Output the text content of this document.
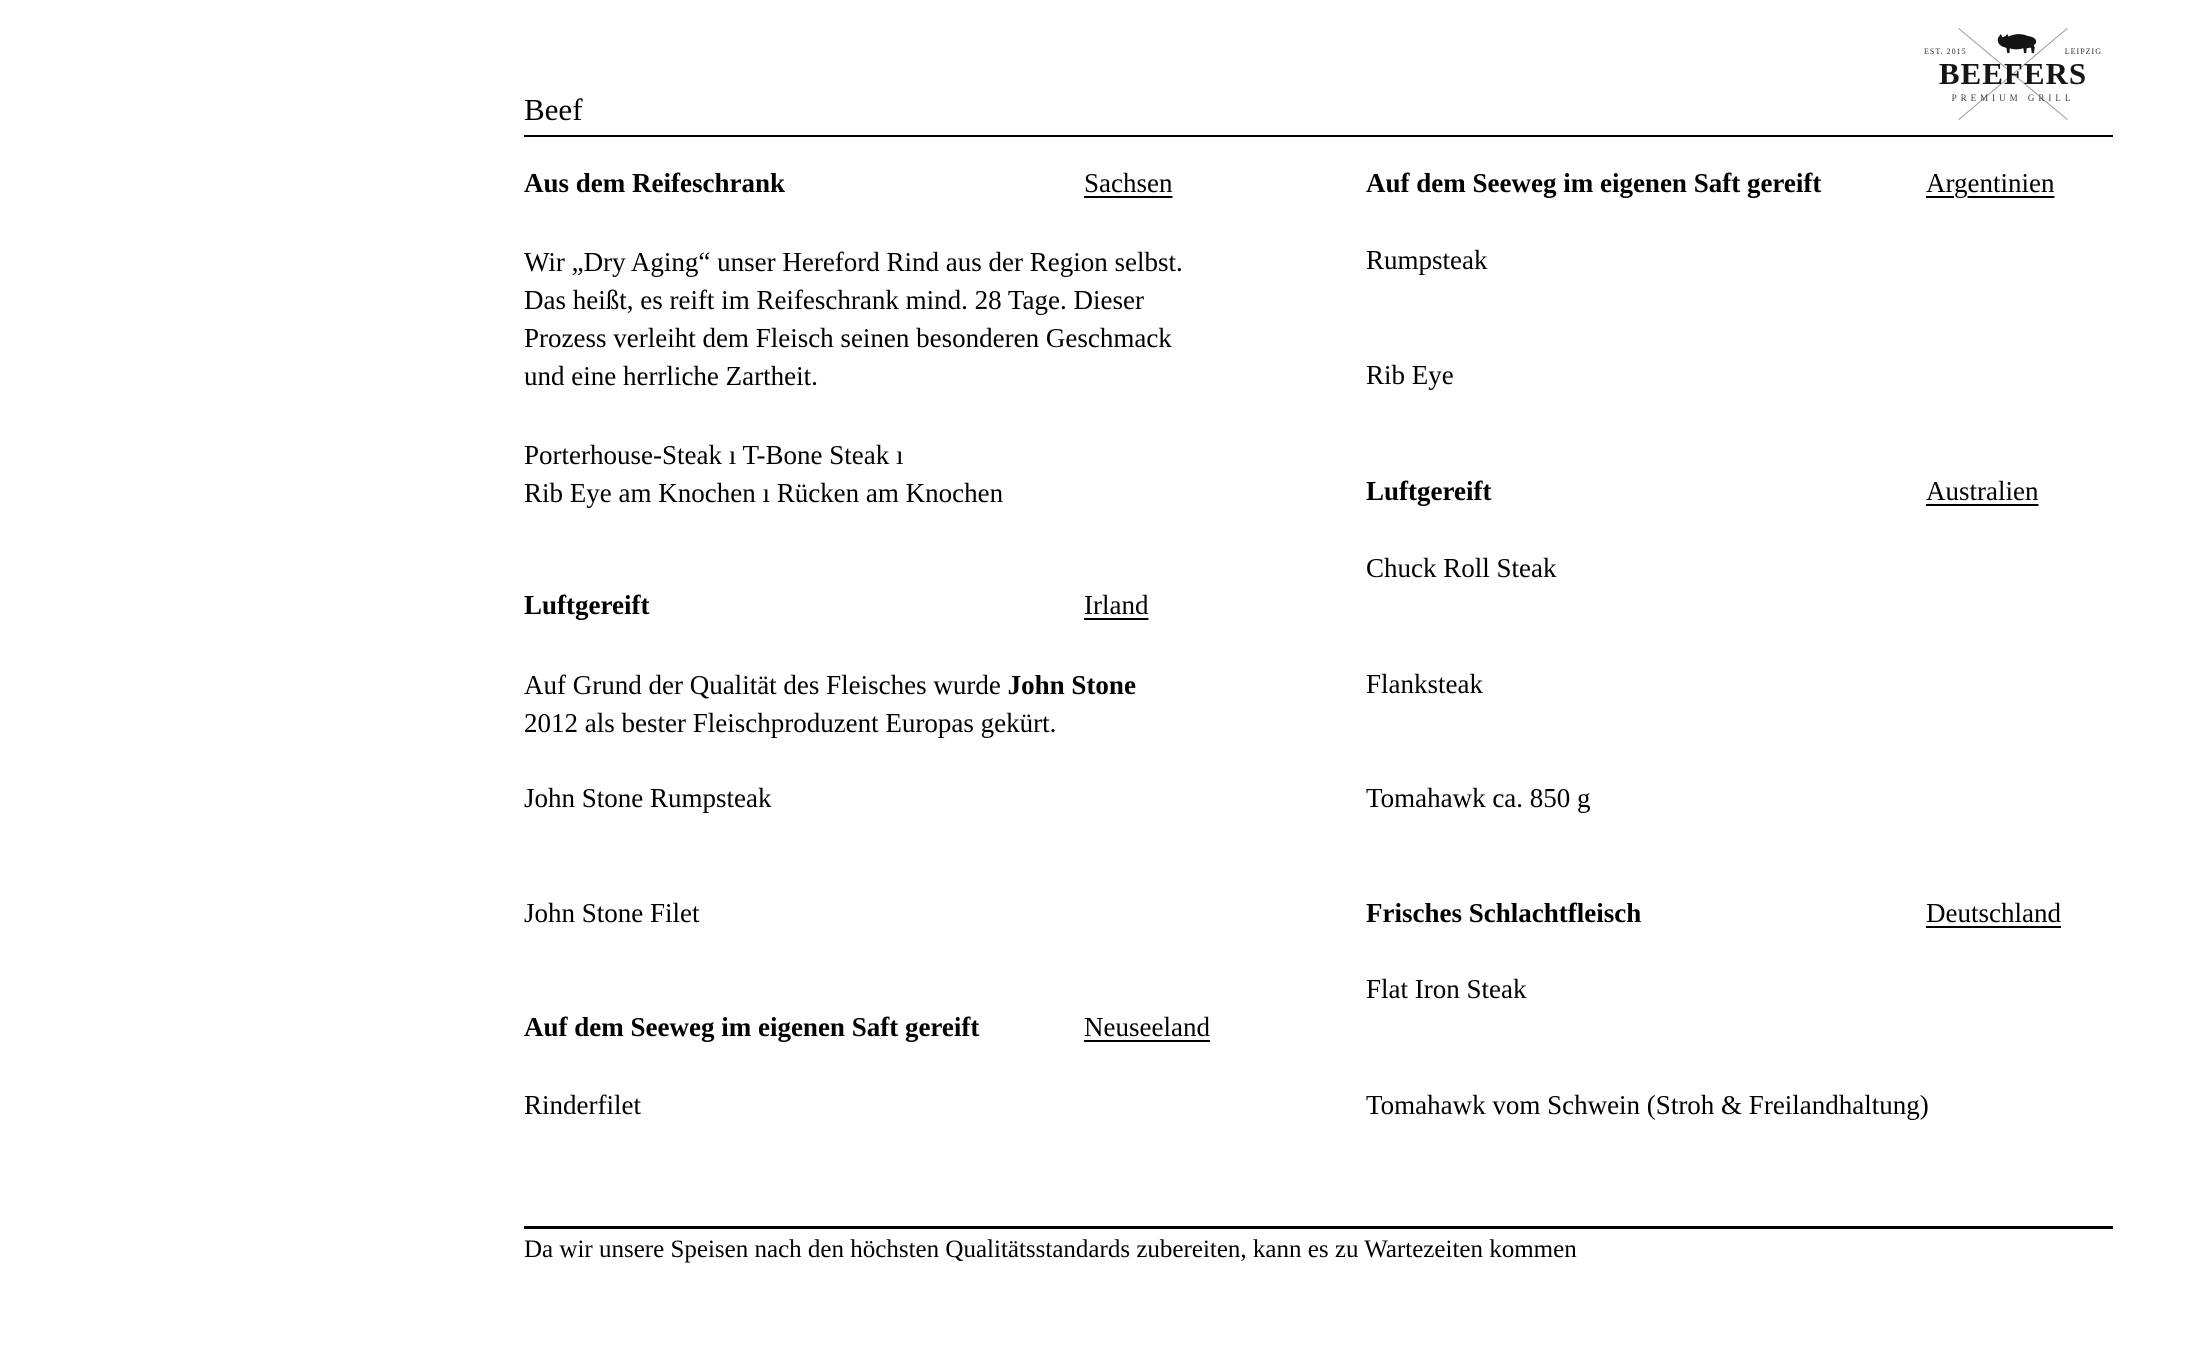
EST. 2015	LEIPZIG
BEEFERS
PREMIUM GRILL
Beef
Aus dem Reifeschrank	Sachsen
Wir „Dry Aging“ unser Hereford Rind aus der Region selbst.
Das heißt, es reift im Reifeschrank mind. 28 Tage. Dieser
Prozess verleiht dem Fleisch seinen besonderen Geschmack
und eine herrliche Zartheit.
Porterhouse-Steak ı T-Bone Steak ı
Rib Eye am Knochen ı Rücken am Knochen
Luftgereift	Irland
Auf Grund der Qualität des Fleisches wurde John Stone
2012 als bester Fleischproduzent Europas gekürt.
John Stone Rumpsteak
John Stone Filet
Auf dem Seeweg im eigenen Saft gereift	Neuseeland
Rinderfilet
Auf dem Seeweg im eigenen Saft gereift	Argentinien
Rumpsteak
Rib Eye
Luftgereift	Australien
Chuck Roll Steak
Flanksteak
Tomahawk ca. 850 g
Frisches Schlachtfleisch	Deutschland
Flat Iron Steak
Tomahawk vom Schwein (Stroh & Freilandhaltung)
Da wir unsere Speisen nach den höchsten Qualitätsstandards zubereiten, kann es zu Wartezeiten kommen
